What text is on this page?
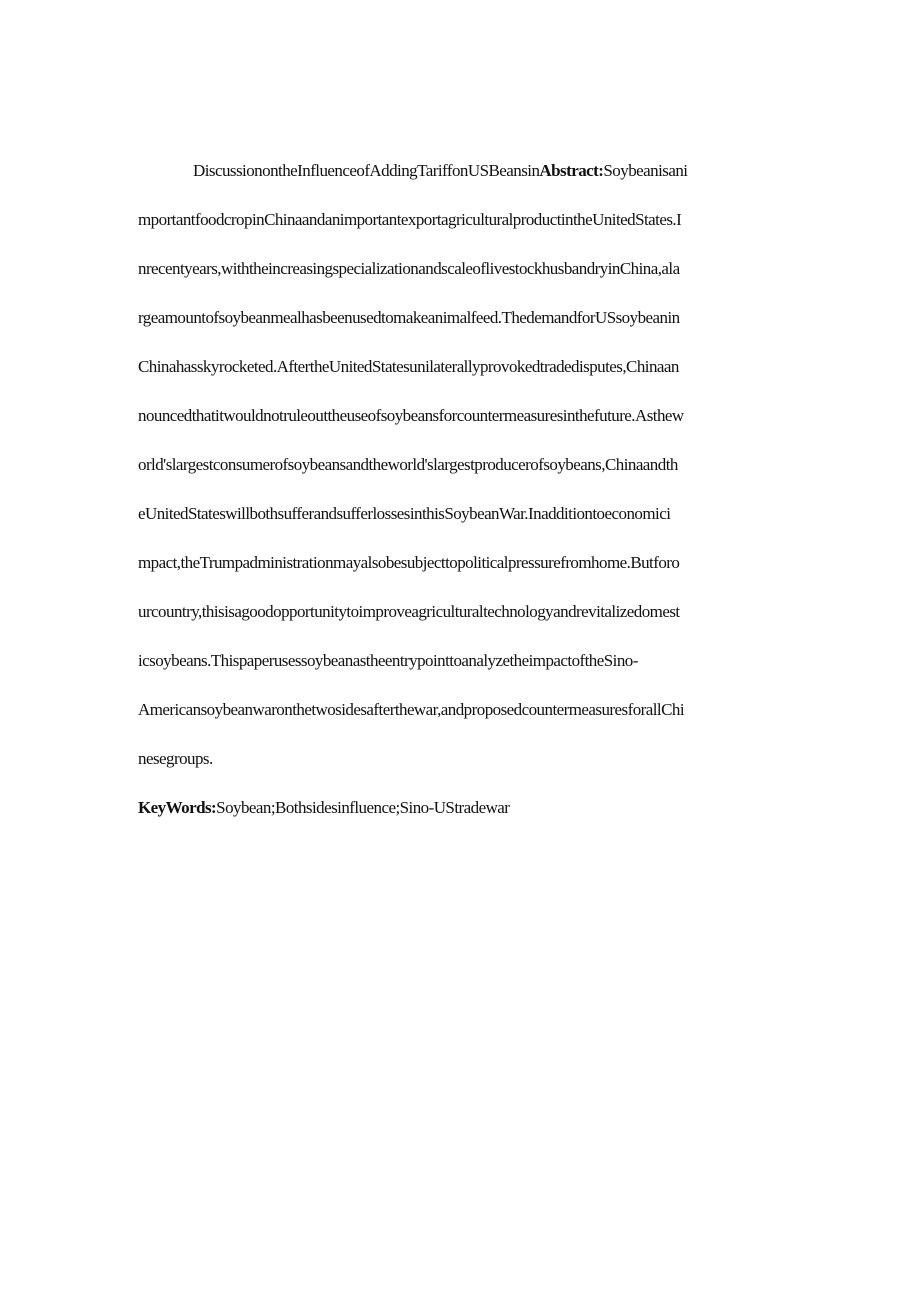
DiscussionontheInfluenceofAddingTariffonUSBeansinAbstract:Soybeanisani
mportantfoodcropinChinaandanimportantexportagriculturalproductintheUnitedStates.I
nrecentyears,withtheincreasingspecializationandscaleoflivestockhusbandryinChina,ala
rgeamountofsoybeanmealhasbeenusedtomakeanimalfeed.ThedemandforUSsoybeanin
Chinahasskyrocketed.AftertheUnitedStatesunilaterallyprovokedtradedisputes,Chinaan
nouncedthatitwouldnotruleouttheuseofsoybeansforcountermeasuresinthefuture.Asthew
orld'slargestconsumerofsoybeansandtheworld'slargestproducerofsoybeans,Chinaandth
eUnitedStateswillbothsufferandsufferlossesinthisSoybeanWar.Inadditiontoeconomici
mpact,theTrumpadministrationmayalsobesubjecttopoliticalpressurefromhome.Butforo
urcountry,thisisagoodopportunitytoimproveagriculturaltechnologyandrevitalizedomest
icsoybeans.ThispaperusessoybeanastheentrypointtoanalyzetheimpactoftheSino-
Americansoybeanwaronthetwosidesafterthewar,andproposedcountermeasuresforallChi
nesegroups.
KeyWords:Soybean;Bothsidesinfluence;Sino-UStradewar
